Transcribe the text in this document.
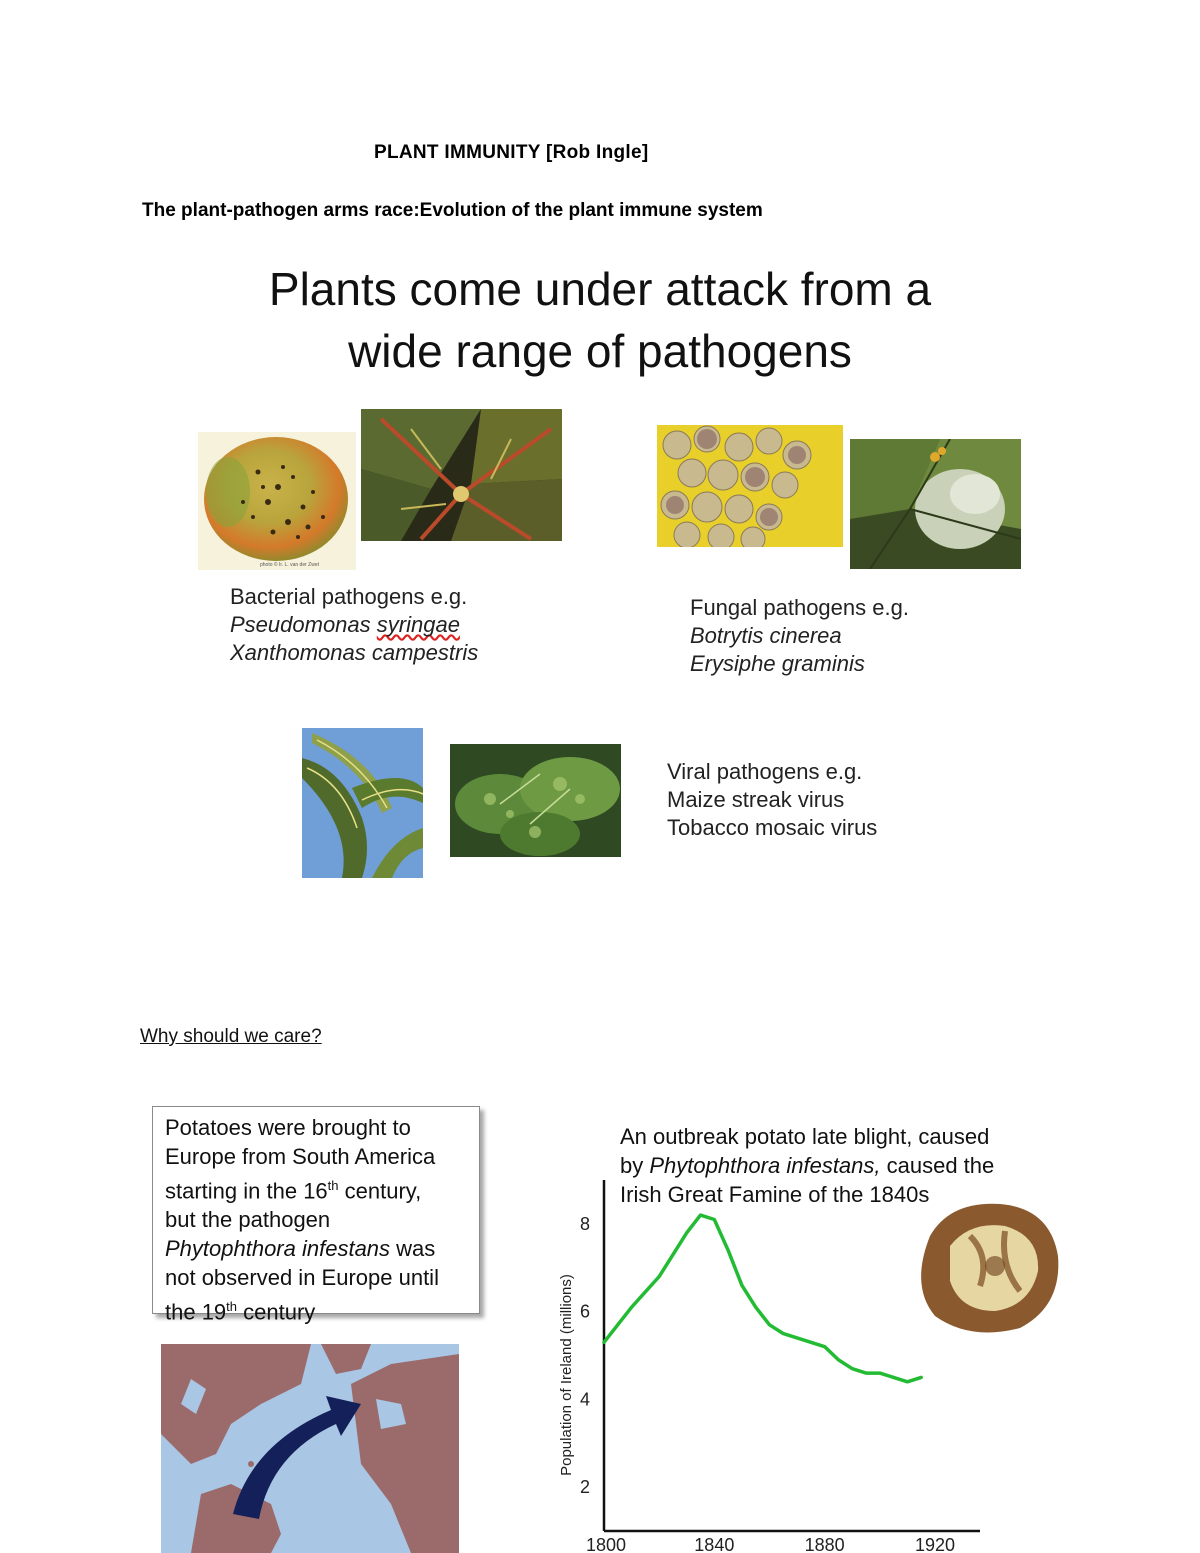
PLANT IMMUNITY [Rob Ingle]
The plant-pathogen arms race:Evolution of the plant immune system
Plants come under attack from a
wide range of pathogens
photo © Ir. L. van der Zwet
Bacterial pathogens e.g.
Pseudomonas syringae
Xanthomonas campestris
Fungal pathogens e.g.
Botrytis cinerea
Erysiphe graminis
Viral pathogens e.g.
Maize streak virus
Tobacco mosaic virus
Why should we care?
Potatoes were brought to
Europe from South America
starting in the 16th century,
but the pathogen
Phytophthora infestans was
not observed in Europe until
the 19th century
An outbreak potato late blight, caused
by Phytophthora infestans, caused the
Irish Great Famine of the 1840s
Population of Ireland (millions)
2
4
6
8
1800	1840	1880	1920
